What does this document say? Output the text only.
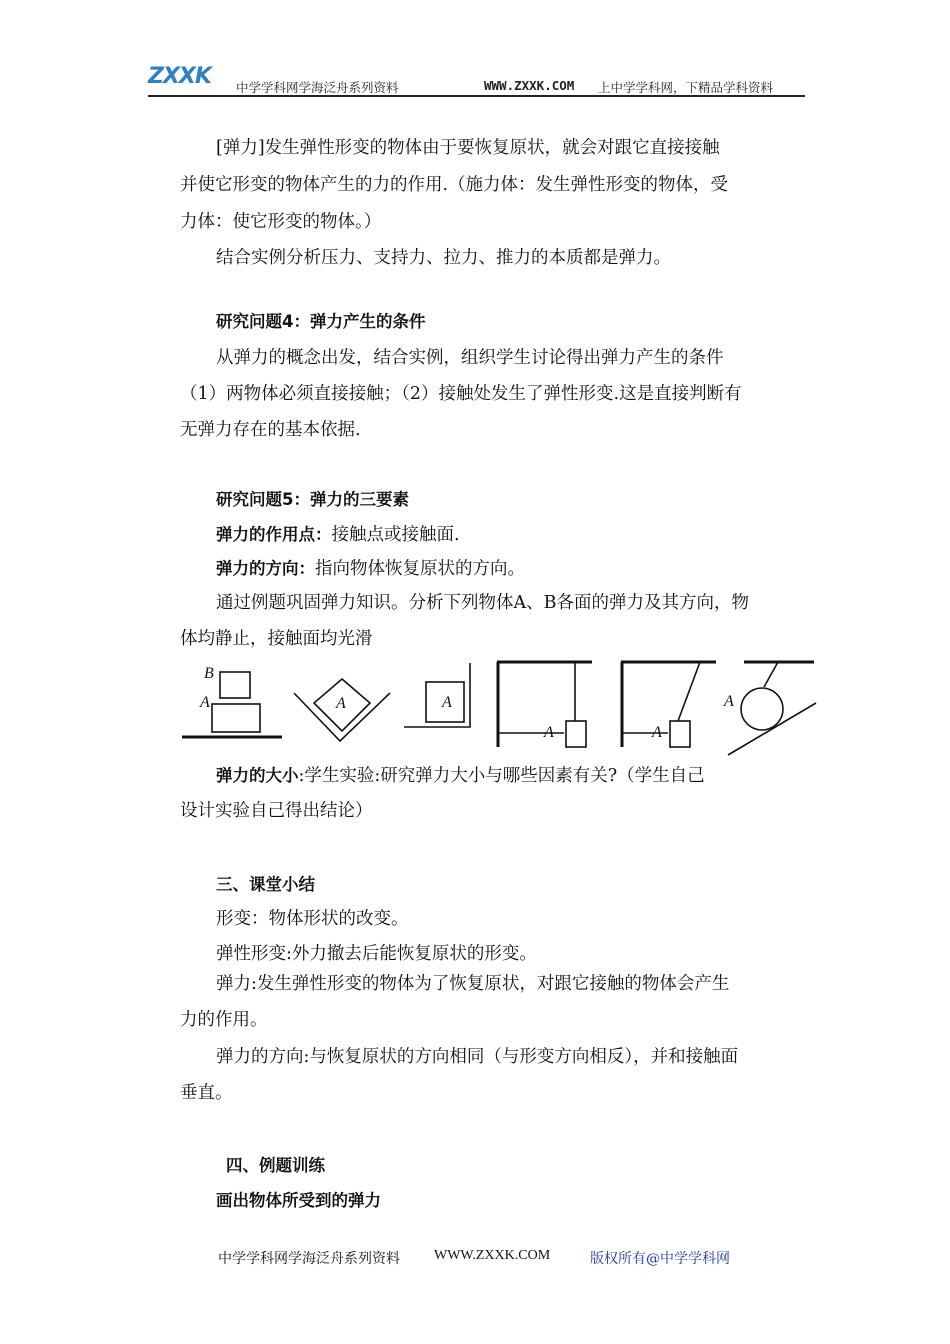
ZXXK 中学学科网学海泛舟系列资料	WWW.ZXXK.COM 上中学学科网，下精品学科资料
[弹力]发生弹性形变的物体由于要恢复原状，就会对跟它直接接触
并使它形变的物体产生的力的作用.（施力体：发生弹性形变的物体，受
力体：使它形变的物体。）
结合实例分析压力、支持力、拉力、推力的本质都是弹力。
研究问题4：弹力产生的条件
从弹力的概念出发，结合实例，组织学生讨论得出弹力产生的条件
（1）两物体必须直接接触；（2）接触处发生了弹性形变.这是直接判断有
无弹力存在的基本依据.
研究问题5：弹力的三要素
弹力的作用点：接触点或接触面.
弹力的方向：指向物体恢复原状的方向。
通过例题巩固弹力知识。分析下列物体A、B各面的弹力及其方向，物
体均静止，接触面均光滑
B
A	A	A
A	A
A
弹力的大小:学生实验:研究弹力大小与哪些因素有关?（学生自己
设计实验自己得出结论）
三、课堂小结
形变：物体形状的改变。
弹性形变:外力撤去后能恢复原状的形变。
弹力:发生弹性形变的物体为了恢复原状，对跟它接触的物体会产生
力的作用。
弹力的方向:与恢复原状的方向相同（与形变方向相反），并和接触面
垂直。
四、例题训练
画出物体所受到的弹力
中学学科网学海泛舟系列资料 WWW.ZXXK.COM	版权所有@中学学科网
